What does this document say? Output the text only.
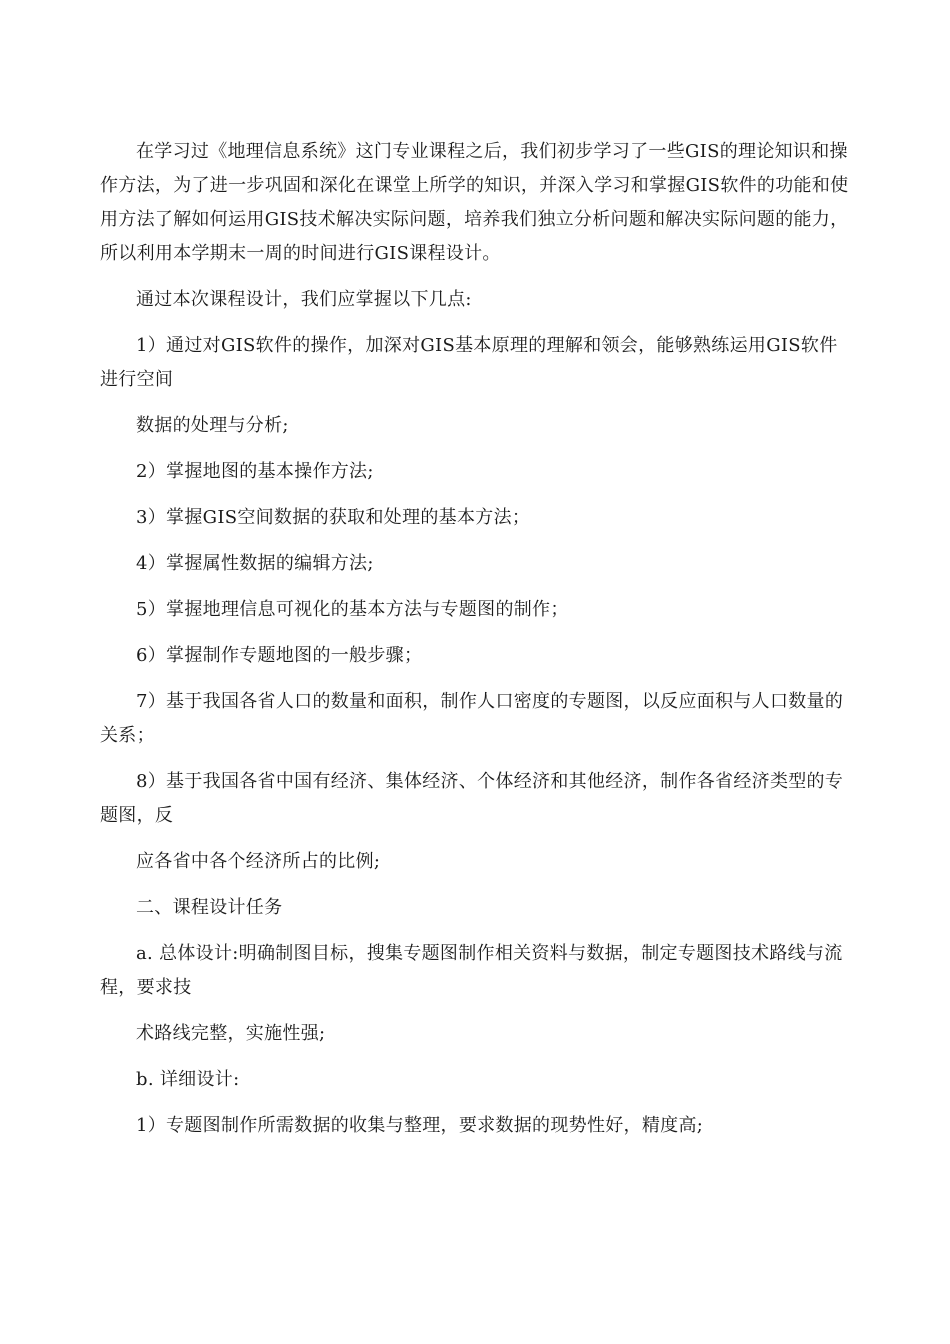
在学习过《地理信息系统》这门专业课程之后，我们初步学习了一些GIS的理论知识和操作方法，为了进一步巩固和深化在课堂上所学的知识，并深入学习和掌握GIS软件的功能和使用方法了解如何运用GIS技术解决实际问题，培养我们独立分析问题和解决实际问题的能力，所以利用本学期末一周的时间进行GIS课程设计。

通过本次课程设计，我们应掌握以下几点:

1）通过对GIS软件的操作，加深对GIS基本原理的理解和领会，能够熟练运用GIS软件进行空间

数据的处理与分析;

2）掌握地图的基本操作方法;

3）掌握GIS空间数据的获取和处理的基本方法；

4）掌握属性数据的编辑方法;

5）掌握地理信息可视化的基本方法与专题图的制作；

6）掌握制作专题地图的一般步骤；

7）基于我国各省人口的数量和面积，制作人口密度的专题图，以反应面积与人口数量的关系；

8）基于我国各省中国有经济、集体经济、个体经济和其他经济，制作各省经济类型的专题图，反

应各省中各个经济所占的比例;

二、课程设计任务

a. 总体设计:明确制图目标，搜集专题图制作相关资料与数据，制定专题图技术路线与流程，要求技

术路线完整，实施性强;

b. 详细设计:

1）专题图制作所需数据的收集与整理，要求数据的现势性好，精度高;
